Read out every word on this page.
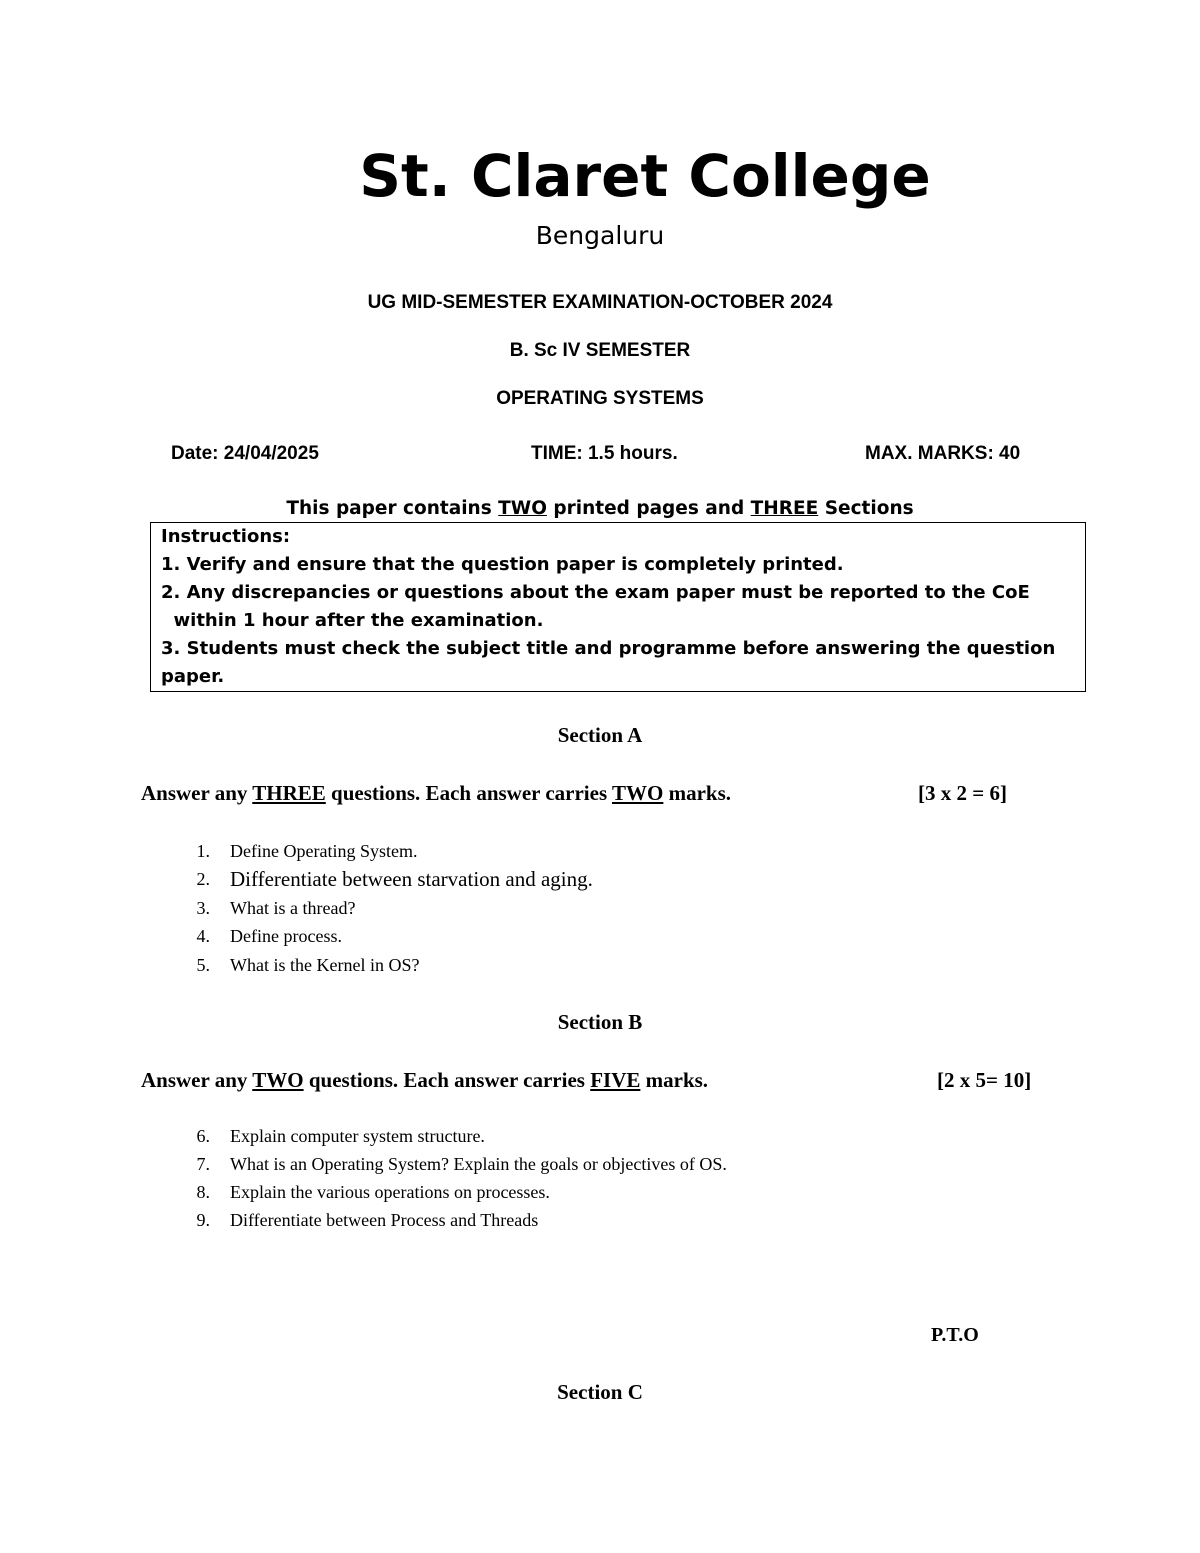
St. Claret College
Bengaluru
UG MID-SEMESTER EXAMINATION-OCTOBER 2024
B. Sc IV SEMESTER
OPERATING SYSTEMS
Date: 24/04/2025	TIME: 1.5 hours.	MAX. MARKS: 40
This paper contains TWO printed pages and THREE Sections
Instructions:
1. Verify and ensure that the question paper is completely printed.
2. Any discrepancies or questions about the exam paper must be reported to the CoE
within 1 hour after the examination.
3. Students must check the subject title and programme before answering the question
paper.
Section A
Answer any THREE questions. Each answer carries TWO marks.	[3 x 2 = 6]
1. Define Operating System.
2. Differentiate between starvation and aging.
3. What is a thread?
4. Define process.
5. What is the Kernel in OS?
Section B
Answer any TWO questions. Each answer carries FIVE marks.	[2 x 5= 10]
6. Explain computer system structure.
7. What is an Operating System? Explain the goals or objectives of OS.
8. Explain the various operations on processes.
9. Differentiate between Process and Threads
P.T.O
Section C
